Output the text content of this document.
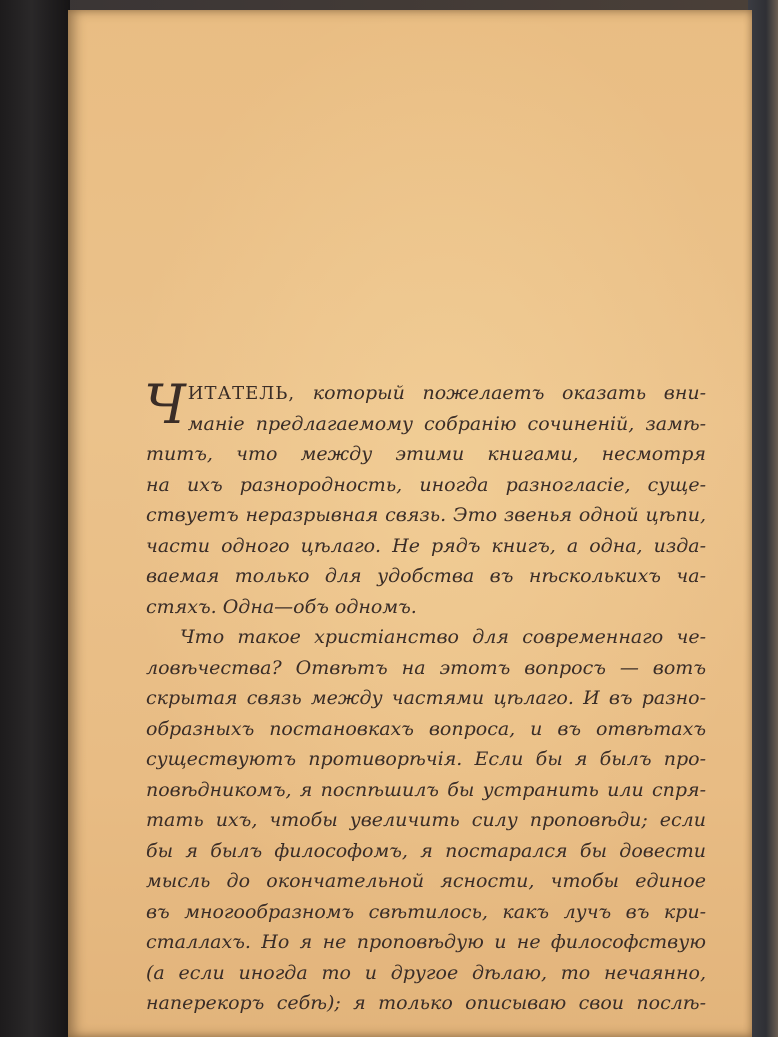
Ч ИТАТЕЛЬ, который пожелаетъ оказать вни-
маніе предлагаемому собранію сочиненій, замѣ-
титъ, что между этими книгами, несмотря
на ихъ разнородность, иногда разногласіе, суще-
ствуетъ неразрывная связь. Это звенья одной цѣпи,
части одного цѣлаго. Не рядъ книгъ, а одна, изда-
ваемая только для удобства въ нѣсколькихъ ча-
стяхъ. Одна—объ одномъ.
Что такое христіанство для современнаго че-
ловѣчества? Отвѣтъ на этотъ вопросъ — вотъ
скрытая связь между частями цѣлаго. И въ разно-
образныхъ постановкахъ вопроса, и въ отвѣтахъ
существуютъ противорѣчія. Если бы я былъ про-
повѣдникомъ, я поспѣшилъ бы устранить или спря-
тать ихъ, чтобы увеличить силу проповѣди; если
бы я былъ философомъ, я постарался бы довести
мысль до окончательной ясности, чтобы единое
въ многообразномъ свѣтилось, какъ лучъ въ кри-
сталлахъ. Но я не проповѣдую и не философствую
(а если иногда то и другое дѣлаю, то нечаянно,
наперекоръ себѣ); я только описываю свои послѣ-
